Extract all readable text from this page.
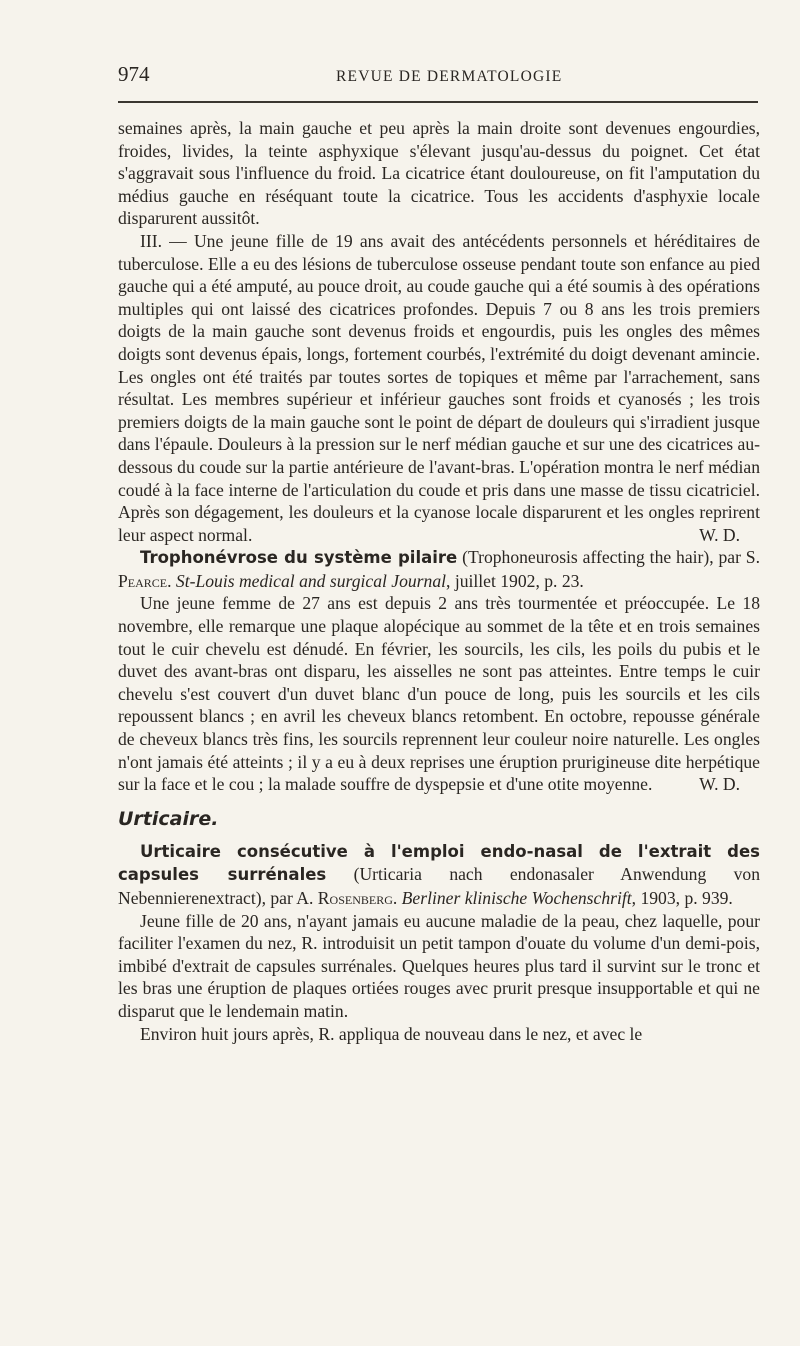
974	REVUE DE DERMATOLOGIE

semaines après, la main gauche et peu après la main droite sont devenues engourdies, froides, livides, la teinte asphyxique s'élevant jusqu'au-dessus du poignet. Cet état s'aggravait sous l'influence du froid. La cicatrice étant douloureuse, on fit l'amputation du médius gauche en réséquant toute la cicatrice. Tous les accidents d'asphyxie locale disparurent aussitôt.

III. — Une jeune fille de 19 ans avait des antécédents personnels et héréditaires de tuberculose. Elle a eu des lésions de tuberculose osseuse pendant toute son enfance au pied gauche qui a été amputé, au pouce droit, au coude gauche qui a été soumis à des opérations multiples qui ont laissé des cicatrices profondes. Depuis 7 ou 8 ans les trois premiers doigts de la main gauche sont devenus froids et engourdis, puis les ongles des mêmes doigts sont devenus épais, longs, fortement courbés, l'extrémité du doigt devenant amincie. Les ongles ont été traités par toutes sortes de topiques et même par l'arrachement, sans résultat. Les membres supérieur et inférieur gauches sont froids et cyanosés ; les trois premiers doigts de la main gauche sont le point de départ de douleurs qui s'irradient jusque dans l'épaule. Douleurs à la pression sur le nerf médian gauche et sur une des cicatrices au-dessous du coude sur la partie antérieure de l'avant-bras. L'opération montra le nerf médian coudé à la face interne de l'articulation du coude et pris dans une masse de tissu cicatriciel. Après son dégagement, les douleurs et la cyanose locale disparurent et les ongles reprirent leur aspect normal.	W. D.

Trophonévrose du système pilaire (Trophoneurosis affecting the hair), par S. Pearce. St-Louis medical and surgical Journal, juillet 1902, p. 23.

Une jeune femme de 27 ans est depuis 2 ans très tourmentée et préoccupée. Le 18 novembre, elle remarque une plaque alopécique au sommet de la tête et en trois semaines tout le cuir chevelu est dénudé. En février, les sourcils, les cils, les poils du pubis et le duvet des avant-bras ont disparu, les aisselles ne sont pas atteintes. Entre temps le cuir chevelu s'est couvert d'un duvet blanc d'un pouce de long, puis les sourcils et les cils repoussent blancs ; en avril les cheveux blancs retombent. En octobre, repousse générale de cheveux blancs très fins, les sourcils reprennent leur couleur noire naturelle. Les ongles n'ont jamais été atteints ; il y a eu à deux reprises une éruption prurigineuse dite herpétique sur la face et le cou ; la malade souffre de dyspepsie et d'une otite moyenne.	W. D.

Urticaire.

Urticaire consécutive à l'emploi endo-nasal de l'extrait des capsules surrénales (Urticaria nach endonasaler Anwendung von Nebennierenextract), par A. Rosenberg. Berliner klinische Wochenschrift, 1903, p. 939.

Jeune fille de 20 ans, n'ayant jamais eu aucune maladie de la peau, chez laquelle, pour faciliter l'examen du nez, R. introduisit un petit tampon d'ouate du volume d'un demi-pois, imbibé d'extrait de capsules surrénales. Quelques heures plus tard il survint sur le tronc et les bras une éruption de plaques ortiées rouges avec prurit presque insupportable et qui ne disparut que le lendemain matin.

Environ huit jours après, R. appliqua de nouveau dans le nez, et avec le
